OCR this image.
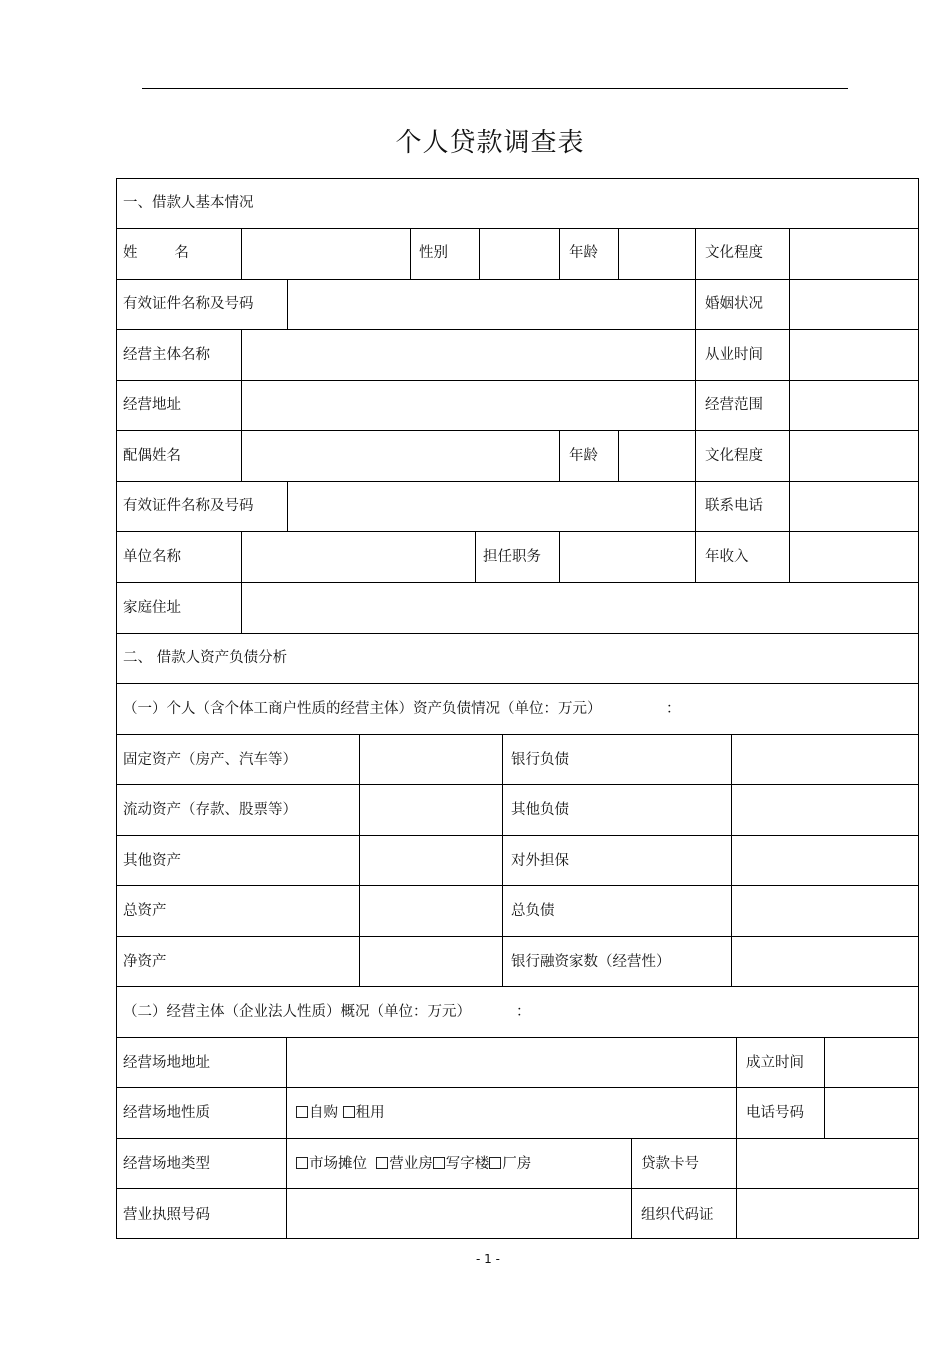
个人贷款调查表
一、借款人基本情况
姓        名	性别	年龄	文化程度
有效证件名称及号码	婚姻状况
经营主体名称	从业时间
经营地址	经营范围
配偶姓名	年龄	文化程度
有效证件名称及号码	联系电话
单位名称	担任职务	年收入
家庭住址
二、 借款人资产负债分析
（一）个人（含个体工商户性质的经营主体）资产负债情况（单位：万元）	：
固定资产（房产、汽车等）	银行负债
流动资产（存款、股票等）	其他负债
其他资产	对外担保
总资产	总负债
净资产	银行融资家数（经营性）
（二）经营主体（企业法人性质）概况（单位：万元）	：
经营场地地址	成立时间
经营场地性质	自购 租用	电话号码
经营场地类型	市场摊位 营业房 写字楼 厂房	贷款卡号
营业执照号码	组织代码证
- 1 -
